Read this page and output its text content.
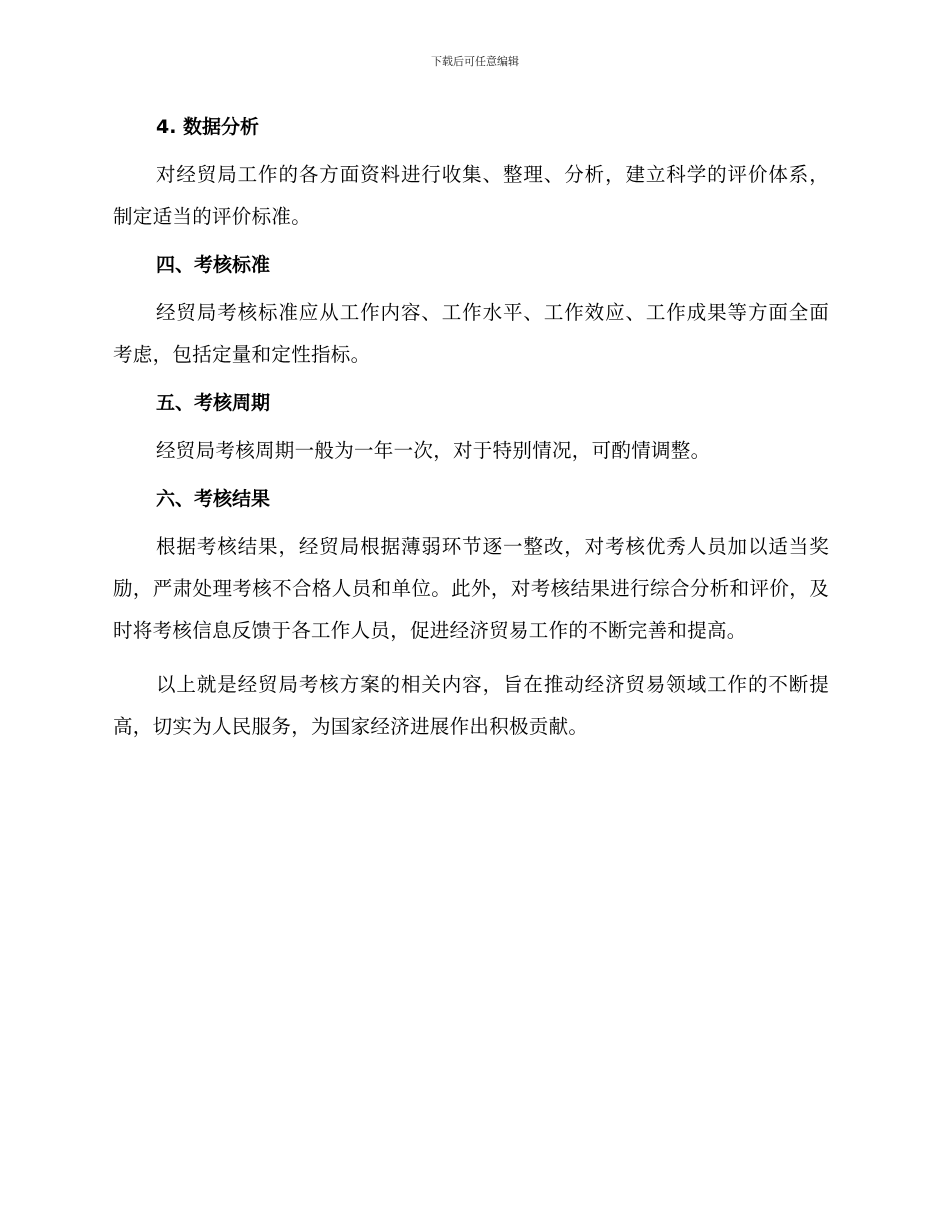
下载后可任意编辑
4. 数据分析

对经贸局工作的各方面资料进行收集、整理、分析，建立科学的评价体系，制定适当的评价标准。

四、考核标准

经贸局考核标准应从工作内容、工作水平、工作效应、工作成果等方面全面考虑，包括定量和定性指标。

五、考核周期

经贸局考核周期一般为一年一次，对于特别情况，可酌情调整。

六、考核结果

根据考核结果，经贸局根据薄弱环节逐一整改，对考核优秀人员加以适当奖励，严肃处理考核不合格人员和单位。此外，对考核结果进行综合分析和评价，及时将考核信息反馈于各工作人员，促进经济贸易工作的不断完善和提高。

以上就是经贸局考核方案的相关内容，旨在推动经济贸易领域工作的不断提高，切实为人民服务，为国家经济进展作出积极贡献。
